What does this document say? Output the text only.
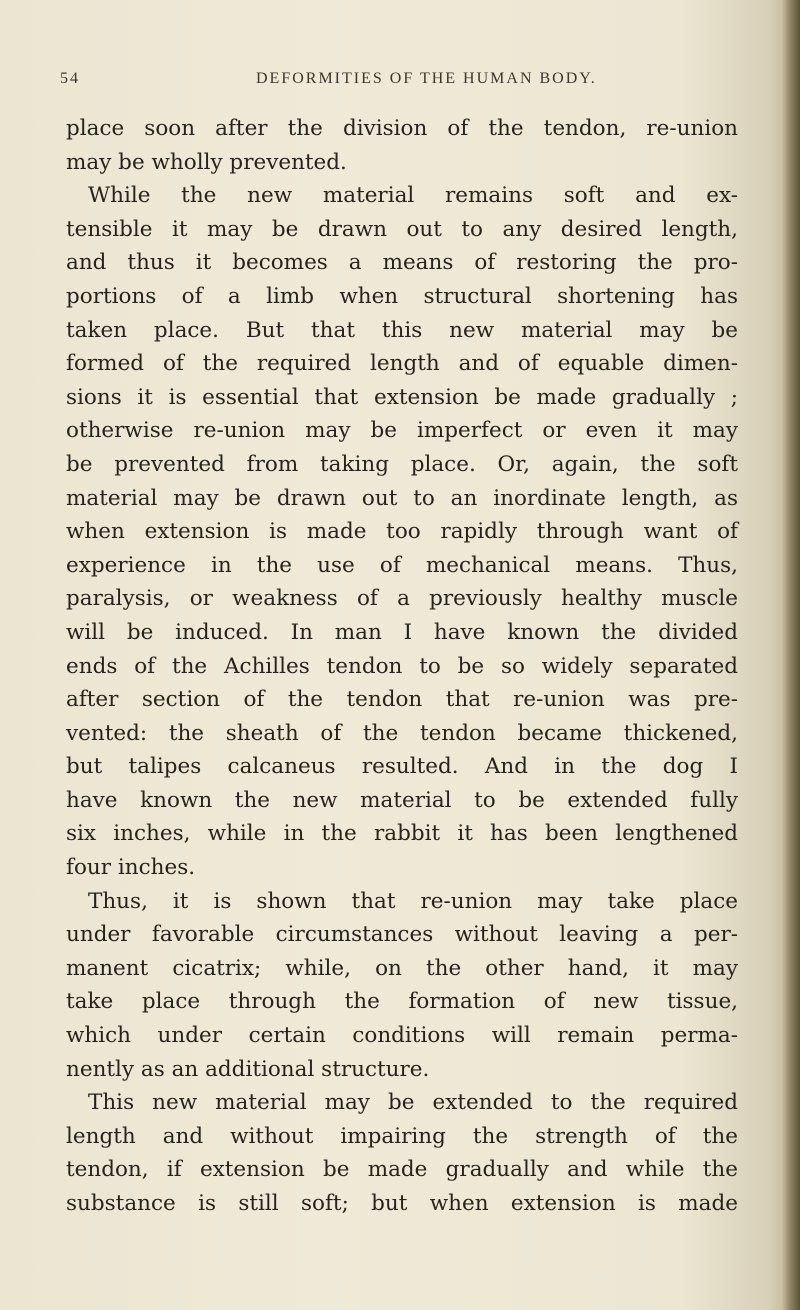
54	DEFORMITIES OF THE HUMAN BODY.
place soon after the division of the tendon, re-union
may be wholly prevented.
While the new material remains soft and ex-
tensible it may be drawn out to any desired length,
and thus it becomes a means of restoring the pro-
portions of a limb when structural shortening has
taken place. But that this new material may be
formed of the required length and of equable dimen-
sions it is essential that extension be made gradually ;
otherwise re-union may be imperfect or even it may
be prevented from taking place. Or, again, the soft
material may be drawn out to an inordinate length, as
when extension is made too rapidly through want of
experience in the use of mechanical means. Thus,
paralysis, or weakness of a previously healthy muscle
will be induced. In man I have known the divided
ends of the Achilles tendon to be so widely separated
after section of the tendon that re-union was pre-
vented: the sheath of the tendon became thickened,
but talipes calcaneus resulted. And in the dog I
have known the new material to be extended fully
six inches, while in the rabbit it has been lengthened
four inches.
Thus, it is shown that re-union may take place
under favorable circumstances without leaving a per-
manent cicatrix; while, on the other hand, it may
take place through the formation of new tissue,
which under certain conditions will remain perma-
nently as an additional structure.
This new material may be extended to the required
length and without impairing the strength of the
tendon, if extension be made gradually and while the
substance is still soft; but when extension is made
